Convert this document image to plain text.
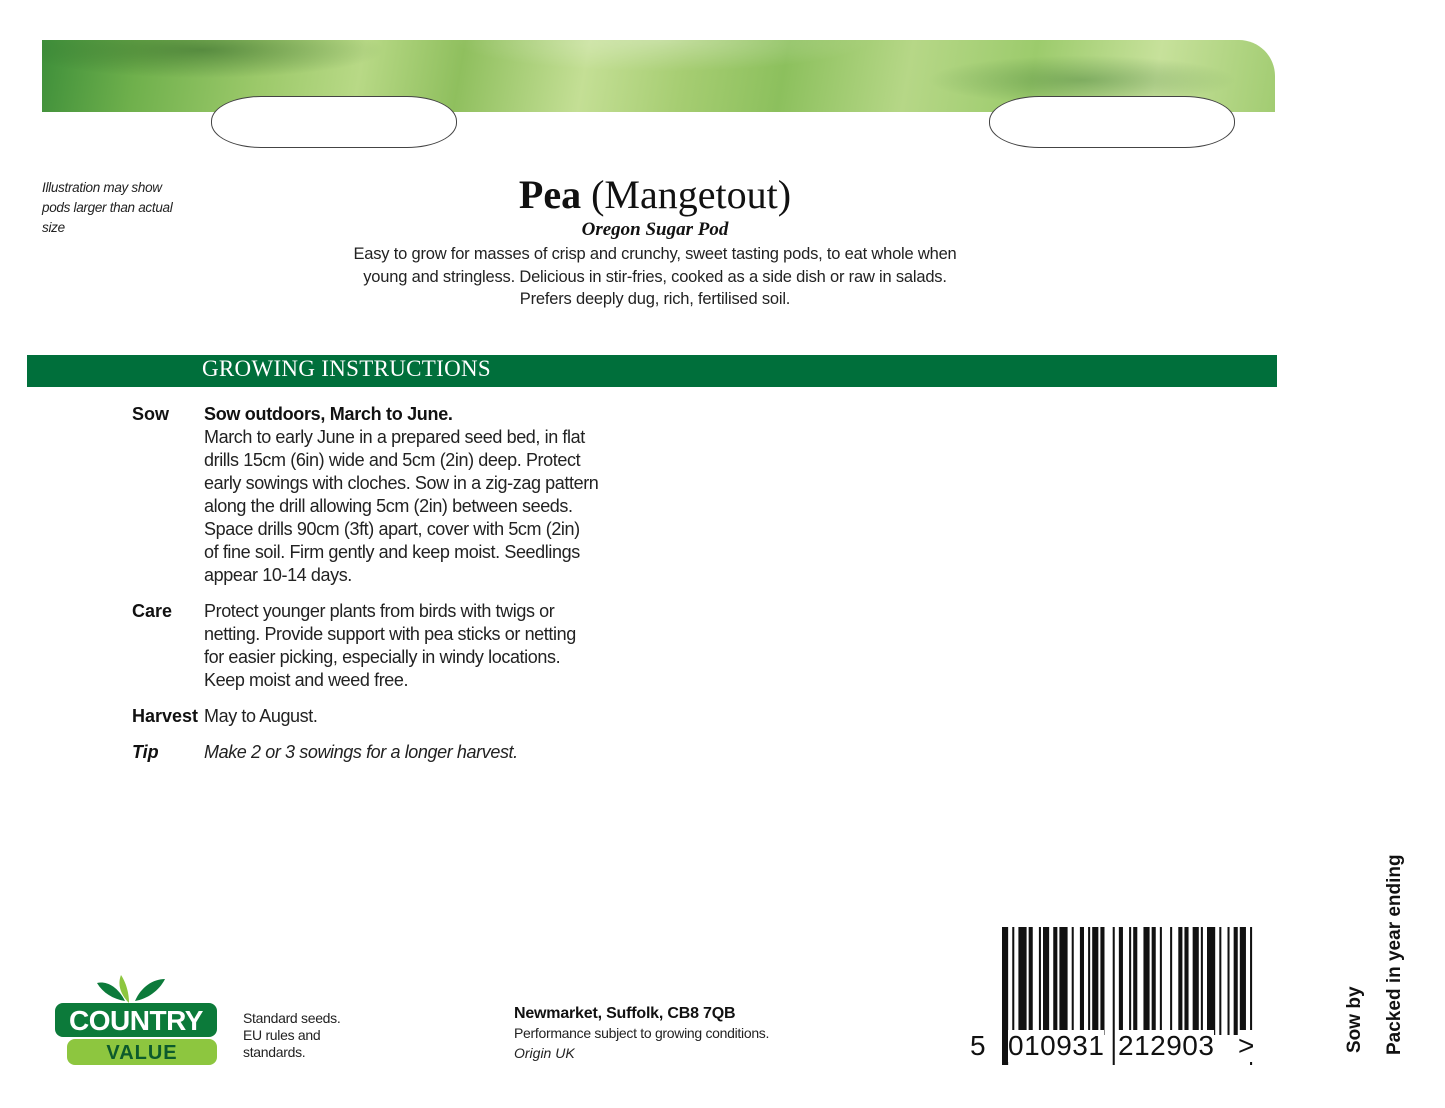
Illustration may show pods larger than actual size
Pea (Mangetout)
Oregon Sugar Pod
Easy to grow for masses of crisp and crunchy, sweet tasting pods, to eat whole when
young and stringless. Delicious in stir-fries, cooked as a side dish or raw in salads.
Prefers deeply dug, rich, fertilised soil.
GROWING INSTRUCTIONS
Sow	Sow outdoors, March to June.
March to early June in a prepared seed bed, in flat
drills 15cm (6in) wide and 5cm (2in) deep. Protect
early sowings with cloches. Sow in a zig-zag pattern
along the drill allowing 5cm (2in) between seeds.
Space drills 90cm (3ft) apart, cover with 5cm (2in)
of fine soil. Firm gently and keep moist. Seedlings
appear 10-14 days.
Care	Protect younger plants from birds with twigs or
netting. Provide support with pea sticks or netting
for easier picking, especially in windy locations.
Keep moist and weed free.
Harvest May to August.
Tip	Make 2 or 3 sowings for a longer harvest.
COUNTRY
VALUE
Standard seeds.
EU rules and
standards.
Newmarket, Suffolk, CB8 7QB
Performance subject to growing conditions.
Origin UK	5 010931 212903 >	Packed in year ending
Sow by
